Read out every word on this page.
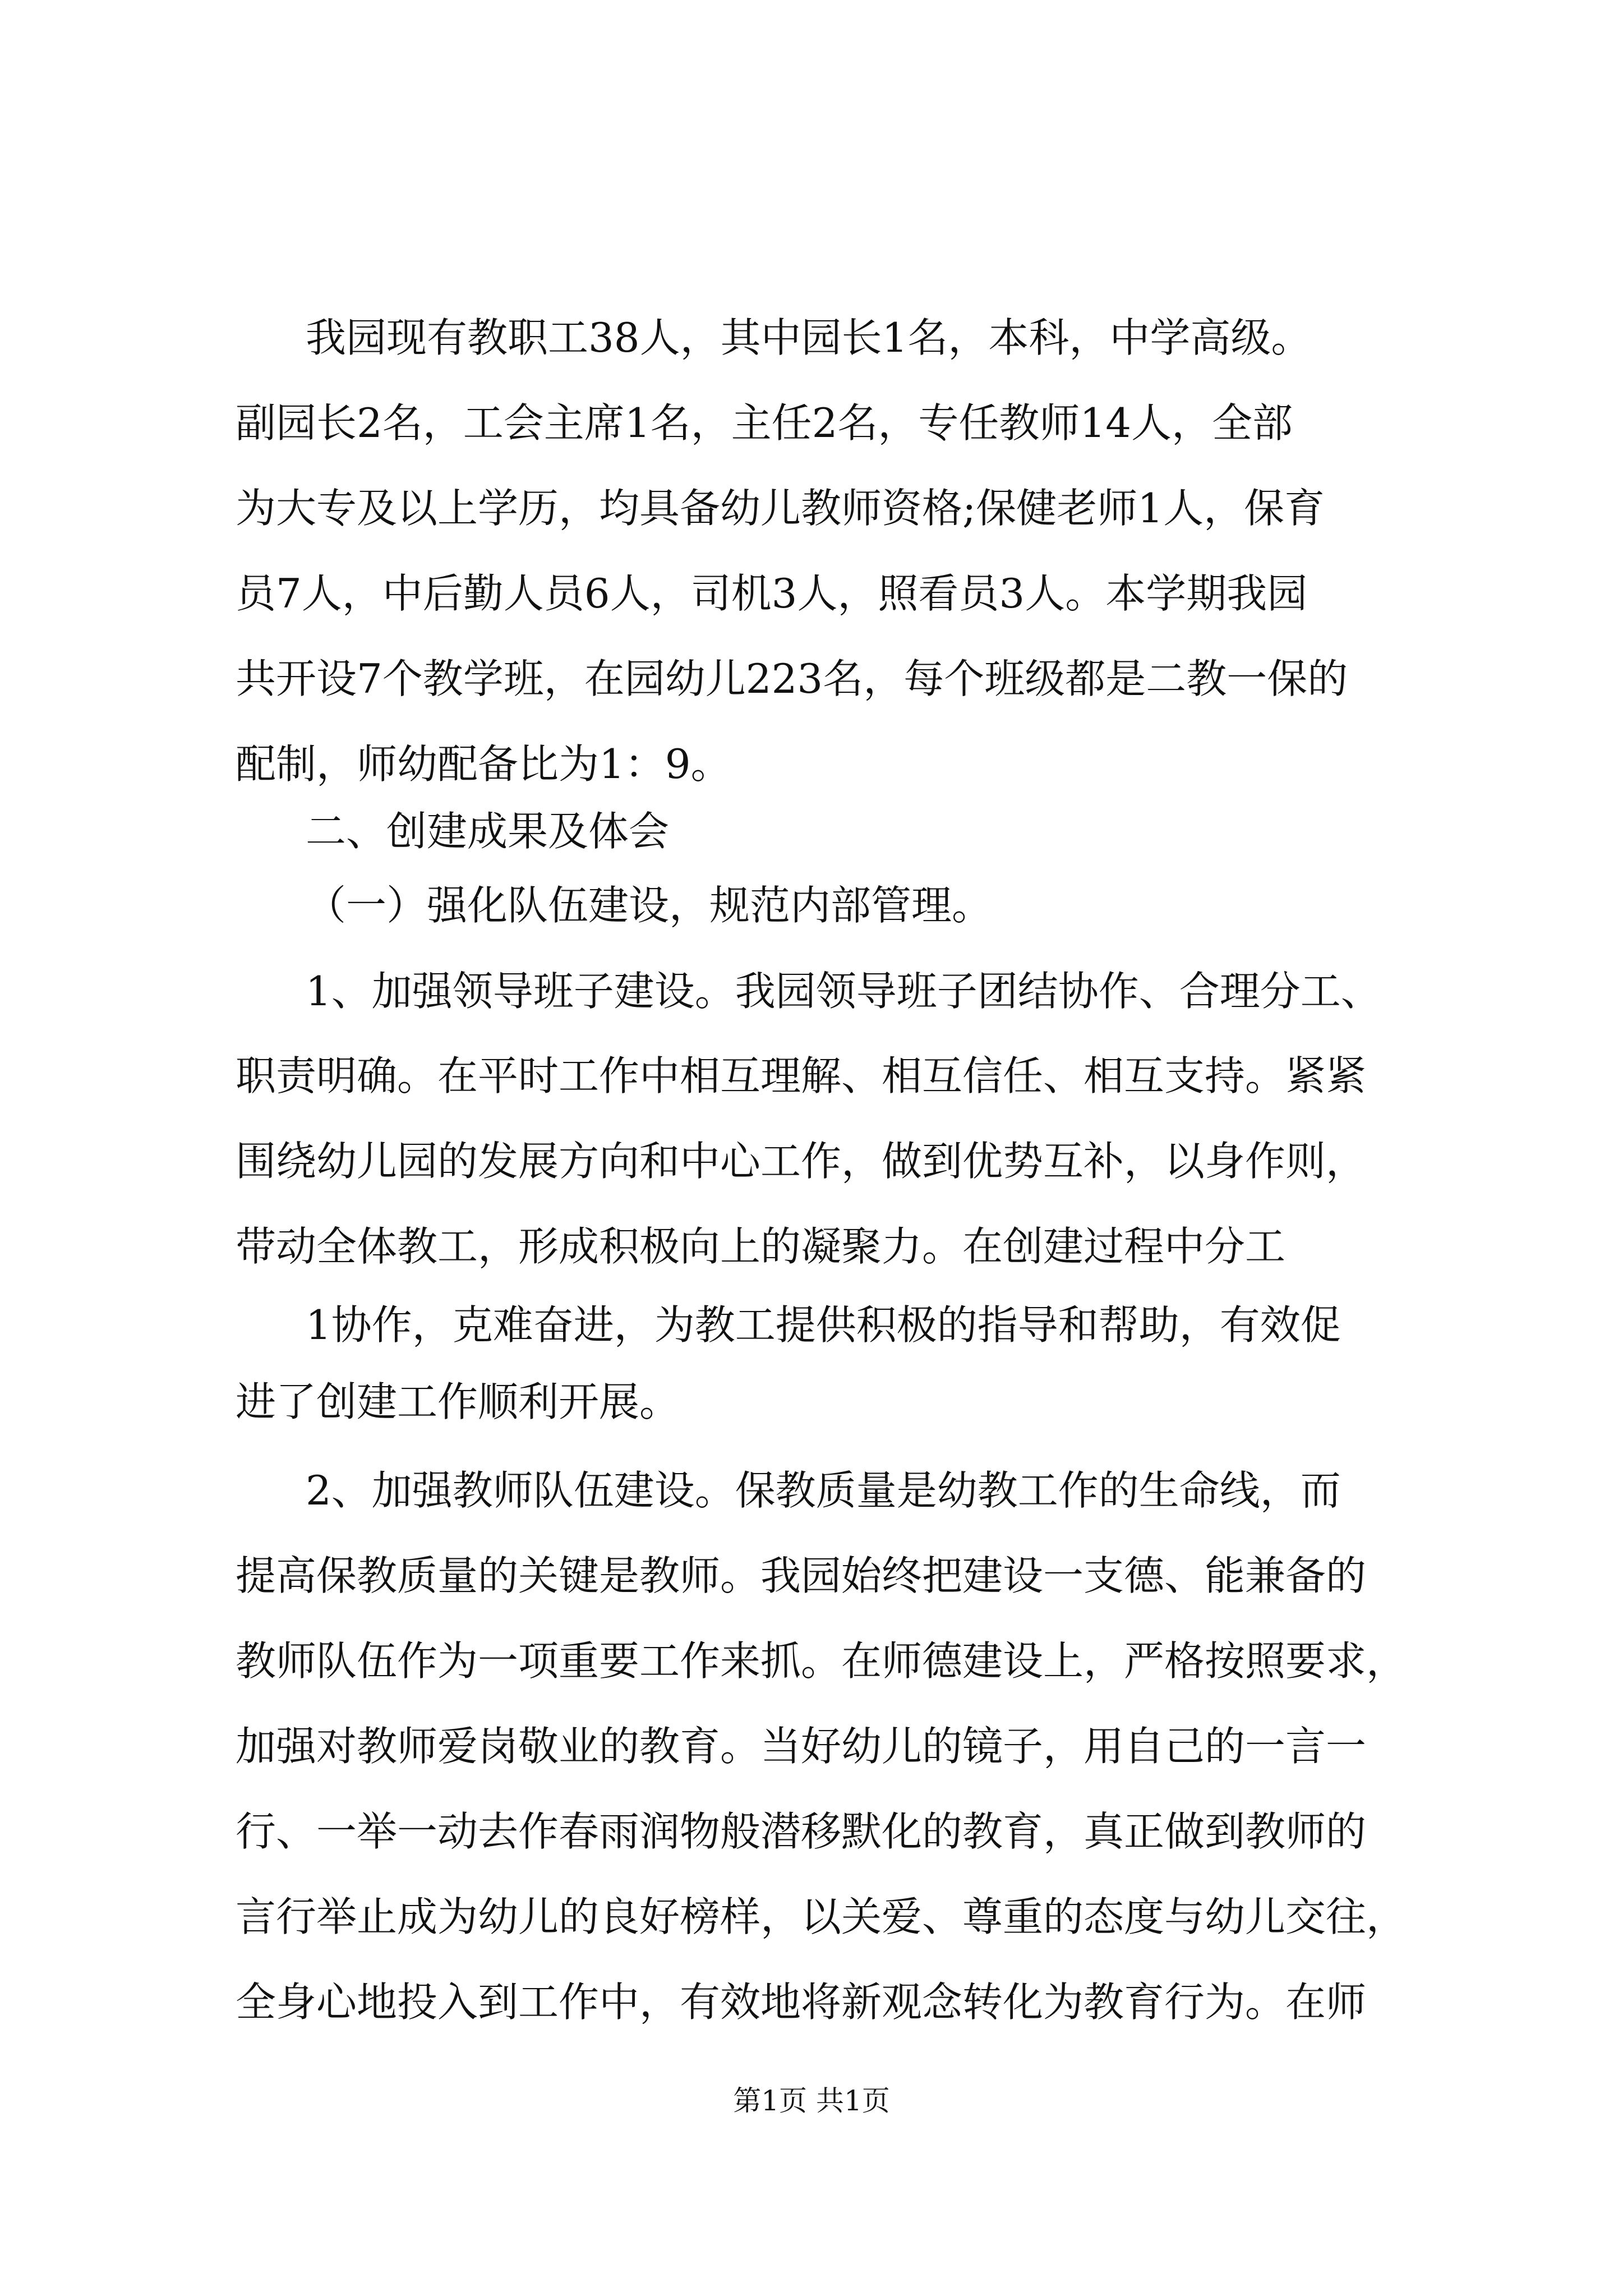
我园现有教职工38人，其中园长1名，本科，中学高级。
副园长2名，工会主席1名，主任2名，专任教师14人，全部
为大专及以上学历，均具备幼儿教师资格;保健老师1人，保育
员7人，中后勤人员6人，司机3人，照看员3人。本学期我园
共开设7个教学班，在园幼儿223名，每个班级都是二教一保的
配制，师幼配备比为1：9。
二、创建成果及体会
（一）强化队伍建设，规范内部管理。
1、加强领导班子建设。我园领导班子团结协作、合理分工、
职责明确。在平时工作中相互理解、相互信任、相互支持。紧紧
围绕幼儿园的发展方向和中心工作，做到优势互补，以身作则，
带动全体教工，形成积极向上的凝聚力。在创建过程中分工
1协作，克难奋进，为教工提供积极的指导和帮助，有效促
进了创建工作顺利开展。
2、加强教师队伍建设。保教质量是幼教工作的生命线，而
提高保教质量的关键是教师。我园始终把建设一支德、能兼备的
教师队伍作为一项重要工作来抓。在师德建设上，严格按照要求，
加强对教师爱岗敬业的教育。当好幼儿的镜子，用自己的一言一
行、一举一动去作春雨润物般潜移默化的教育，真正做到教师的
言行举止成为幼儿的良好榜样，以关爱、尊重的态度与幼儿交往，
全身心地投入到工作中，有效地将新观念转化为教育行为。在师
第1页 共1页
